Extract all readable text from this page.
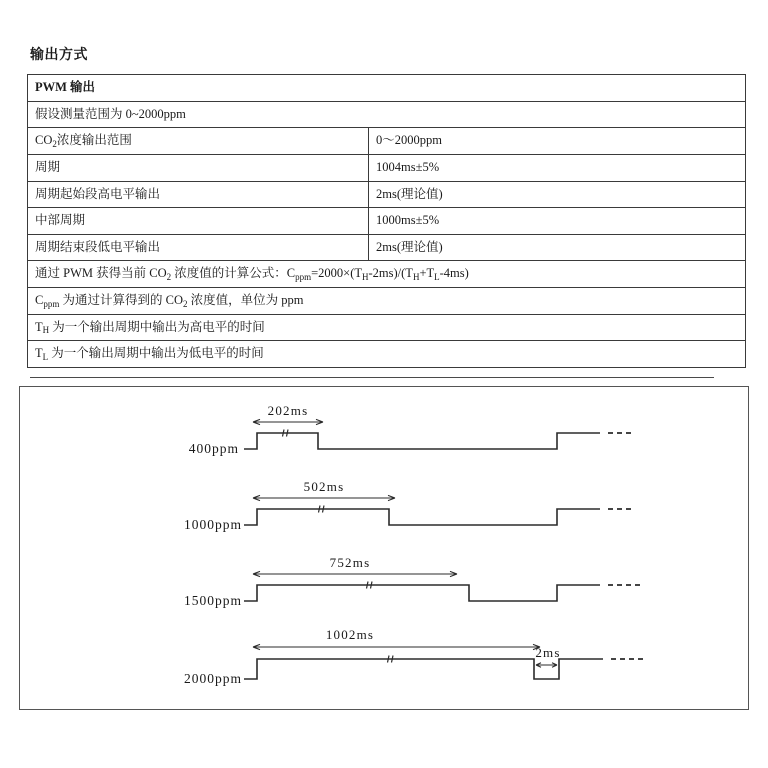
输出方式
PWM 输出	
假设测量范围为 0~2000ppm	
$CO_2$浓度输出范围	0～2000ppm
周期	1004ms±5%
周期起始段高电平输出	2ms(理论值)
中部周期	1000ms±5%
周期结束段低电平输出	2ms(理论值)
通过 PWM 获得当前 $CO_2$ 浓度值的计算公式：$C_{ppm}=2000\times(T_H-2ms)/(T_H+T_L-4ms)$	
$C_{ppm}$ 为通过计算得到的 $CO_2$ 浓度值，单位为 ppm	
$T_H$ 为一个输出周期中输出为高电平的时间	
$T_L$ 为一个输出周期中输出为低电平的时间	
400ppm
202ms
1000ppm
502ms
1500ppm
752ms
2000ppm
1002ms
2ms
